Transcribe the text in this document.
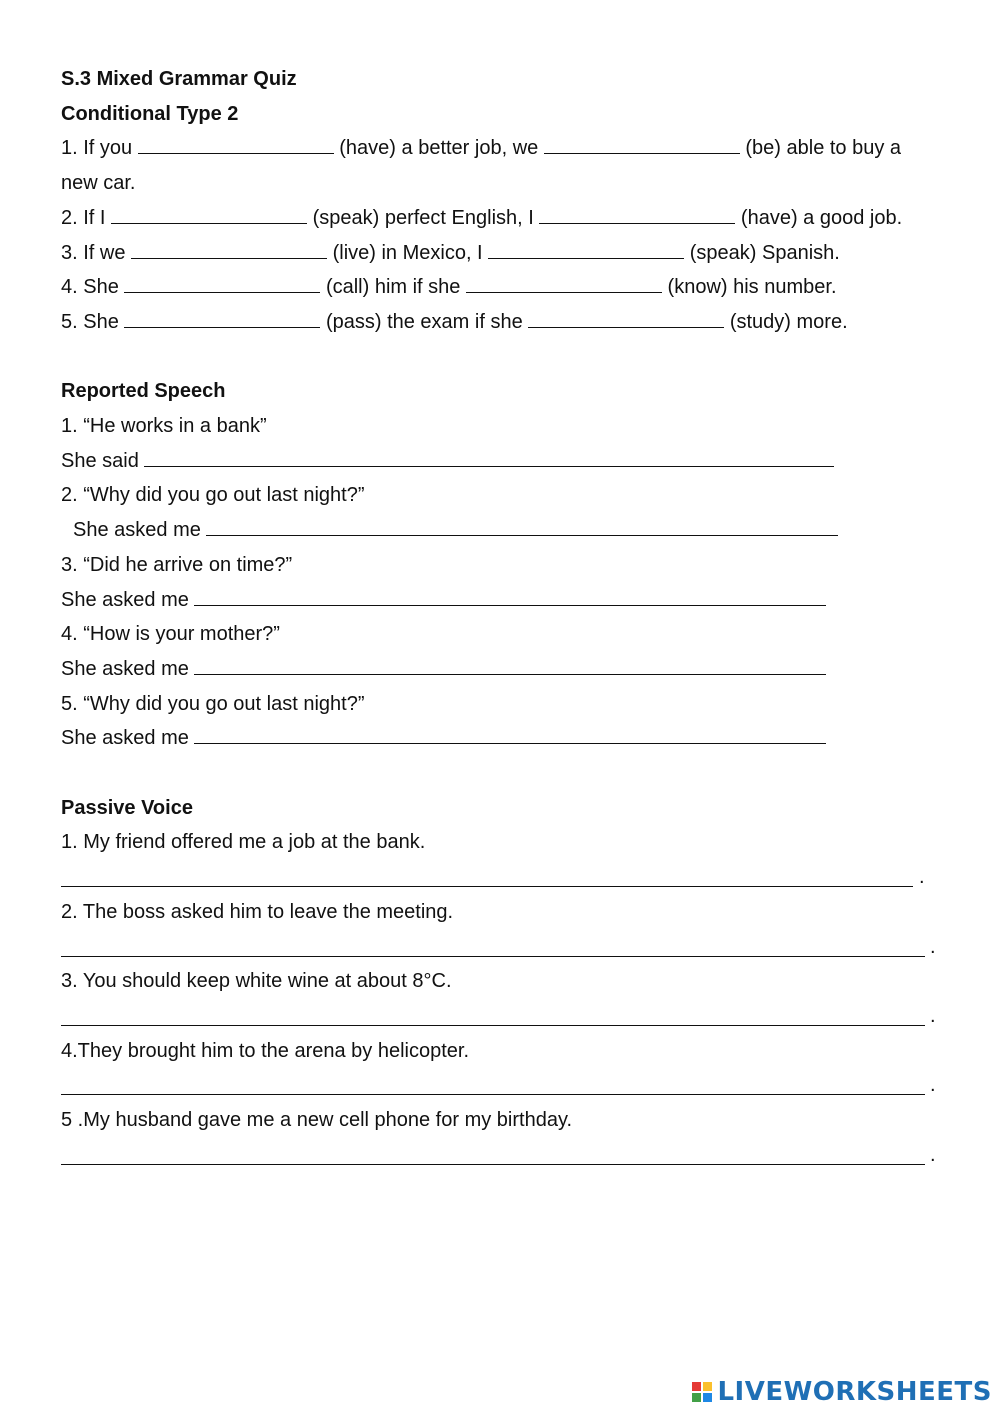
S.3 Mixed Grammar Quiz
Conditional Type 2
1. If you	(have) a better job, we	(be) able to buy a
new car.
2. If I	(speak) perfect English, I	(have) a good job.
3. If we	(live) in Mexico, I	(speak) Spanish.
4. She	(call) him if she	(know) his number.
5. She	(pass) the exam if she	(study) more.
Reported Speech
1. “He works in a bank”
She said
2. “Why did you go out last night?”
She asked me
3. “Did he arrive on time?”
She asked me
4. “How is your mother?”
She asked me
5. “Why did you go out last night?”
She asked me
Passive Voice
1. My friend offered me a job at the bank.
.
2. The boss asked him to leave the meeting.
.
3. You should keep white wine at about 8°C.
.
4.They brought him to the arena by helicopter.
.
5 .My husband gave me a new cell phone for my birthday.
.
LIVEWORKSHEETS
